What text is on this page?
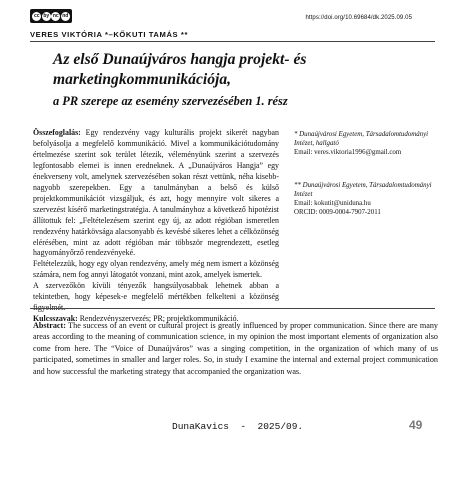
cc by nc nd	https://doi.org/10.69684/dk.2025.09.05
VERES VIKTÓRIA *–KŐKUTI TAMÁS **
Az első Dunaújváros hangja projekt- és
marketingkommunikációja,
a PR szerepe az esemény szervezésében 1. rész

Összefoglalás: Egy rendezvény vagy kulturális projekt sikerét nagyban befolyásolja a megfelelő kommunikáció. Mivel a kommunikációtudomány értelmezése szerint sok terület létezik, véleményünk szerint a szervezés legfontosabb elemei is innen eredneknek. A „Dunaújváros Hangja” egy énekverseny volt, amelynek szervezésében sokan részt vettünk, néha kisebb-nagyobb szerepekben. Egy a tanulmányban a belső és külső projektkommunikációt vizsgáljuk, és azt, hogy mennyire volt sikeres a szervezést kísérő marketingstratégia. A tanulmányhoz a következő hipotézist állítottuk fel: „Feltételezésem szerint egy új, az adott régióban ismeretlen rendezvény határkövsága alacsonyabb és kevésbé sikeres lehet a célközönség elérésében, mint az adott régióban már többször megrendezett, esetleg hagyományőrző rendezvényeké.

Feltételezzük, hogy egy olyan rendezvény, amely még nem ismert a közönség számára, nem fog annyi látogatót vonzani, mint azok, amelyek ismertek.

A szervezőkön kívüli tényezők hangsúlyosabbak lehetnek abban a tekintetben, hogy képesek-e megfelelő mértékben felkelteni a közönség figyelmét.

Kulcsszavak: Rendezvényszervezés; PR; projektkommunikáció.

* Dunaújvárosi Egyetem, Társadalomtudományi Intézet, hallgató
Email: veres.viktoria1996@gmail.com
** Dunaújvárosi Egyetem, Társadalomtudományi Intézet
Email: kokutit@uniduna.hu
ORCID: 0009-0004-7907-2011
Abstract: The success of an event or cultural project is greatly influenced by proper communication. Since there are many areas according to the meaning of communication science, in my opinion the most important elements of organization also come from here. The “Voice of Dunaújváros” was a singing competition, in the organization of which many of us participated, sometimes in smaller and larger roles. So, in study I examine the internal and external project communication and how successful the marketing strategy that accompanied the organization was.
DunaKavics  -  2025/09.	49
